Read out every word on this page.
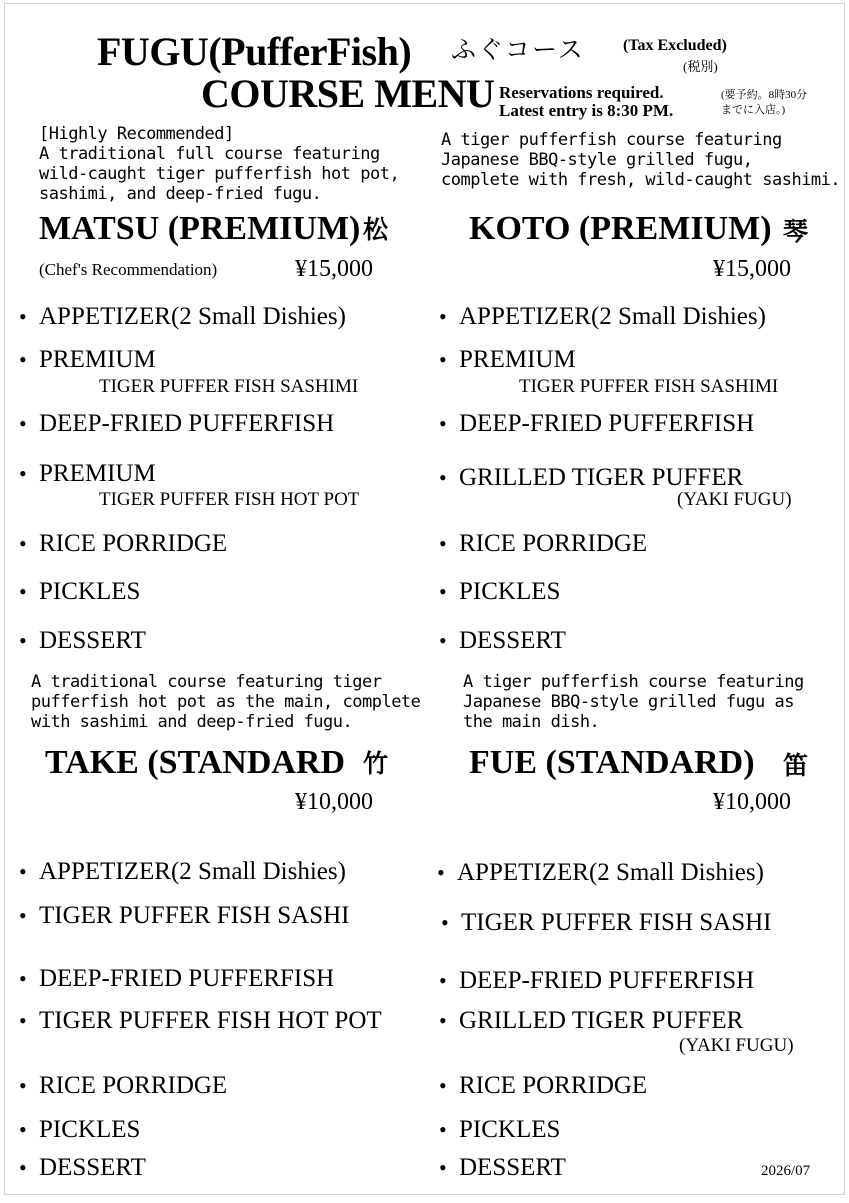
FUGU(PufferFish) ふぐコース (Tax Excluded)
(税別)
COURSE MENU Reservations required.
Latest entry is 8:30 PM.
(要予約。8時30分
までに入店。)
[Highly Recommended]
A traditional full course featuring
wild-caught tiger pufferfish hot pot,
sashimi, and deep-fried fugu.
MATSU (PREMIUM) 松
(Chef's Recommendation)	¥15,000
• APPETIZER(2 Small Dishies)
• PREMIUM
TIGER PUFFER FISH SASHIMI
• DEEP-FRIED PUFFERFISH
• PREMIUM
TIGER PUFFER FISH HOT POT
• RICE PORRIDGE
• PICKLES
• DESSERT
A tiger pufferfish course featuring
Japanese BBQ-style grilled fugu,
complete with fresh, wild-caught sashimi.
KOTO (PREMIUM) 琴
¥15,000
• APPETIZER(2 Small Dishies)
• PREMIUM
TIGER PUFFER FISH SASHIMI
• DEEP-FRIED PUFFERFISH
• GRILLED TIGER PUFFER
(YAKI FUGU)
• RICE PORRIDGE
• PICKLES
• DESSERT
A traditional course featuring tiger
pufferfish hot pot as the main, complete
with sashimi and deep-fried fugu.
TAKE (STANDARD 竹
¥10,000
• APPETIZER(2 Small Dishies)
• TIGER PUFFER FISH SASHI
• DEEP-FRIED PUFFERFISH
• TIGER PUFFER FISH HOT POT
• RICE PORRIDGE
• PICKLES
• DESSERT
A tiger pufferfish course featuring
Japanese BBQ-style grilled fugu as
the main dish.
FUE (STANDARD) 笛
¥10,000
• APPETIZER(2 Small Dishies)
• TIGER PUFFER FISH SASHI
• DEEP-FRIED PUFFERFISH
• GRILLED TIGER PUFFER
(YAKI FUGU)
• RICE PORRIDGE
• PICKLES
• DESSERT	2026/07
